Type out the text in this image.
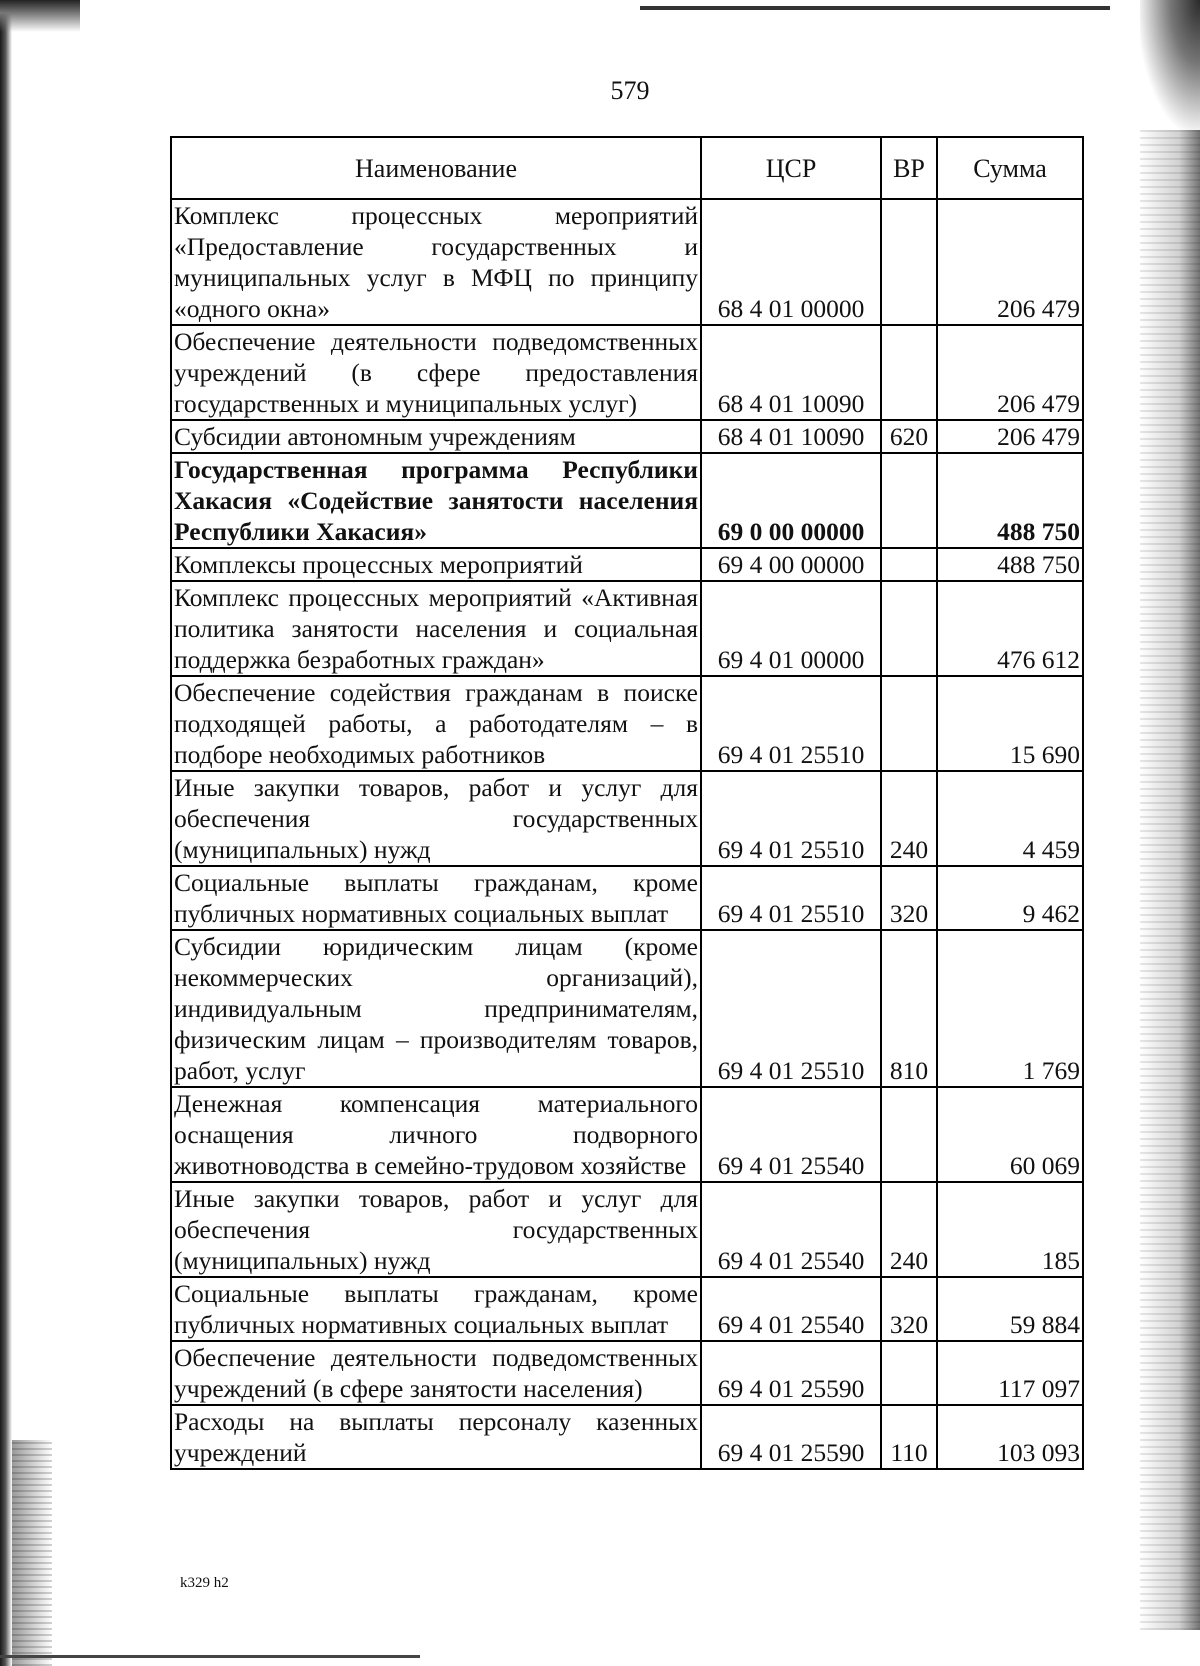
579
Наименование	ЦСР	ВР	Сумма
Комплекс процессных мероприятий «Предоставление государственных и муниципальных услуг в МФЦ по принципу «одного окна»	68 4 01 00000		206 479
Обеспечение деятельности подведомственных учреждений (в сфере предоставления государственных и муниципальных услуг)	68 4 01 10090		206 479
Субсидии автономным учреждениям	68 4 01 10090	620	206 479
Государственная программа Республики Хакасия «Содействие занятости населения Республики Хакасия»	69 0 00 00000		488 750
Комплексы процессных мероприятий	69 4 00 00000		488 750
Комплекс процессных мероприятий «Активная политика занятости населения и социальная поддержка безработных граждан»	69 4 01 00000		476 612
Обеспечение содействия гражданам в поиске подходящей работы, а работодателям – в подборе необходимых работников	69 4 01 25510		15 690
Иные закупки товаров, работ и услуг для обеспечения государственных (муниципальных) нужд	69 4 01 25510	240	4 459
Социальные выплаты гражданам, кроме публичных нормативных социальных выплат	69 4 01 25510	320	9 462
Субсидии юридическим лицам (кроме некоммерческих организаций), индивидуальным предпринимателям, физическим лицам – производителям товаров, работ, услуг	69 4 01 25510	810	1 769
Денежная компенсация материального оснащения личного подворного животноводства в семейно-трудовом хозяйстве	69 4 01 25540		60 069
Иные закупки товаров, работ и услуг для обеспечения государственных (муниципальных) нужд	69 4 01 25540	240	185
Социальные выплаты гражданам, кроме публичных нормативных социальных выплат	69 4 01 25540	320	59 884
Обеспечение деятельности подведомственных учреждений (в сфере занятости населения)	69 4 01 25590		117 097
Расходы на выплаты персоналу казенных учреждений	69 4 01 25590	110	103 093
k329 h2
